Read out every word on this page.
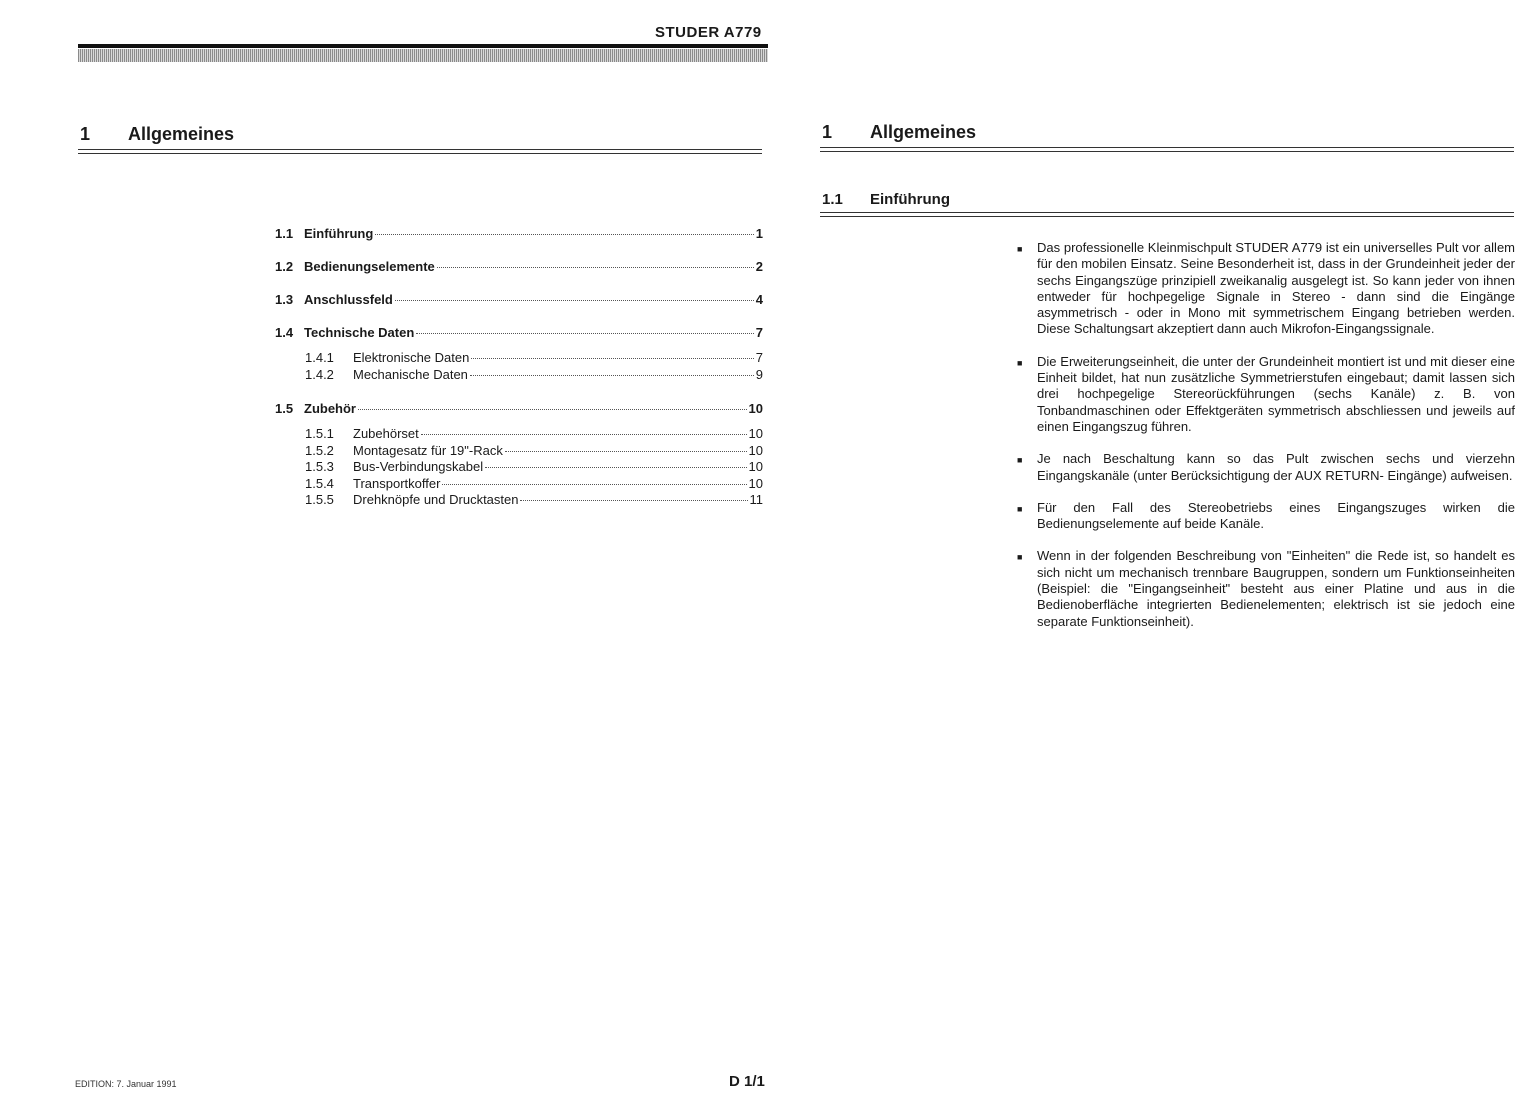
STUDER A779
1 Allgemeines
1.1 Einführung	1
1.2 Bedienungselemente	2
1.3 Anschlussfeld	4
1.4 Technische Daten	7
1.4.1	Elektronische Daten	7
1.4.2	Mechanische Daten	9
1.5 Zubehör	10
1.5.1	Zubehörset	10
1.5.2	Montagesatz für 19"-Rack	10
1.5.3	Bus-Verbindungskabel	10
1.5.4	Transportkoffer	10
1.5.5	Drehknöpfe und Drucktasten	11
1 Allgemeines
1.1 Einführung
■	Das professionelle Kleinmischpult STUDER A779 ist ein universelles Pult vor allem für den mobilen Einsatz. Seine Besonderheit ist, dass in der Grundeinheit jeder der sechs Eingangszüge prinzipiell zweikanalig ausgelegt ist. So kann jeder von ihnen entweder für hochpegelige Signale in Stereo - dann sind die Eingänge asymmetrisch - oder in Mono mit symmetrischem Eingang betrieben werden. Diese Schaltungsart akzeptiert dann auch Mikrofon-Eingangssignale.
■	Die Erweiterungseinheit, die unter der Grundeinheit montiert ist und mit dieser eine Einheit bildet, hat nun zusätzliche Symmetrierstufen eingebaut; damit lassen sich drei hochpegelige Stereorückführungen (sechs Kanäle) z. B. von Tonbandmaschinen oder Effektgeräten symmetrisch abschliessen und jeweils auf einen Eingangszug führen.
■	Je nach Beschaltung kann so das Pult zwischen sechs und vierzehn Eingangskanäle (unter Berücksichtigung der AUX RETURN- Eingänge) aufweisen.
■	Für den Fall des Stereobetriebs eines Eingangszuges wirken die Bedienungselemente auf beide Kanäle.
■	Wenn in der folgenden Beschreibung von "Einheiten" die Rede ist, so handelt es sich nicht um mechanisch trennbare Baugruppen, sondern um Funktionseinheiten (Beispiel: die "Eingangseinheit" besteht aus einer Platine und aus in die Bedienoberfläche integrierten Bedienelementen; elektrisch ist sie jedoch eine separate Funktionseinheit).
EDITION: 7. Januar 1991	D 1/1
